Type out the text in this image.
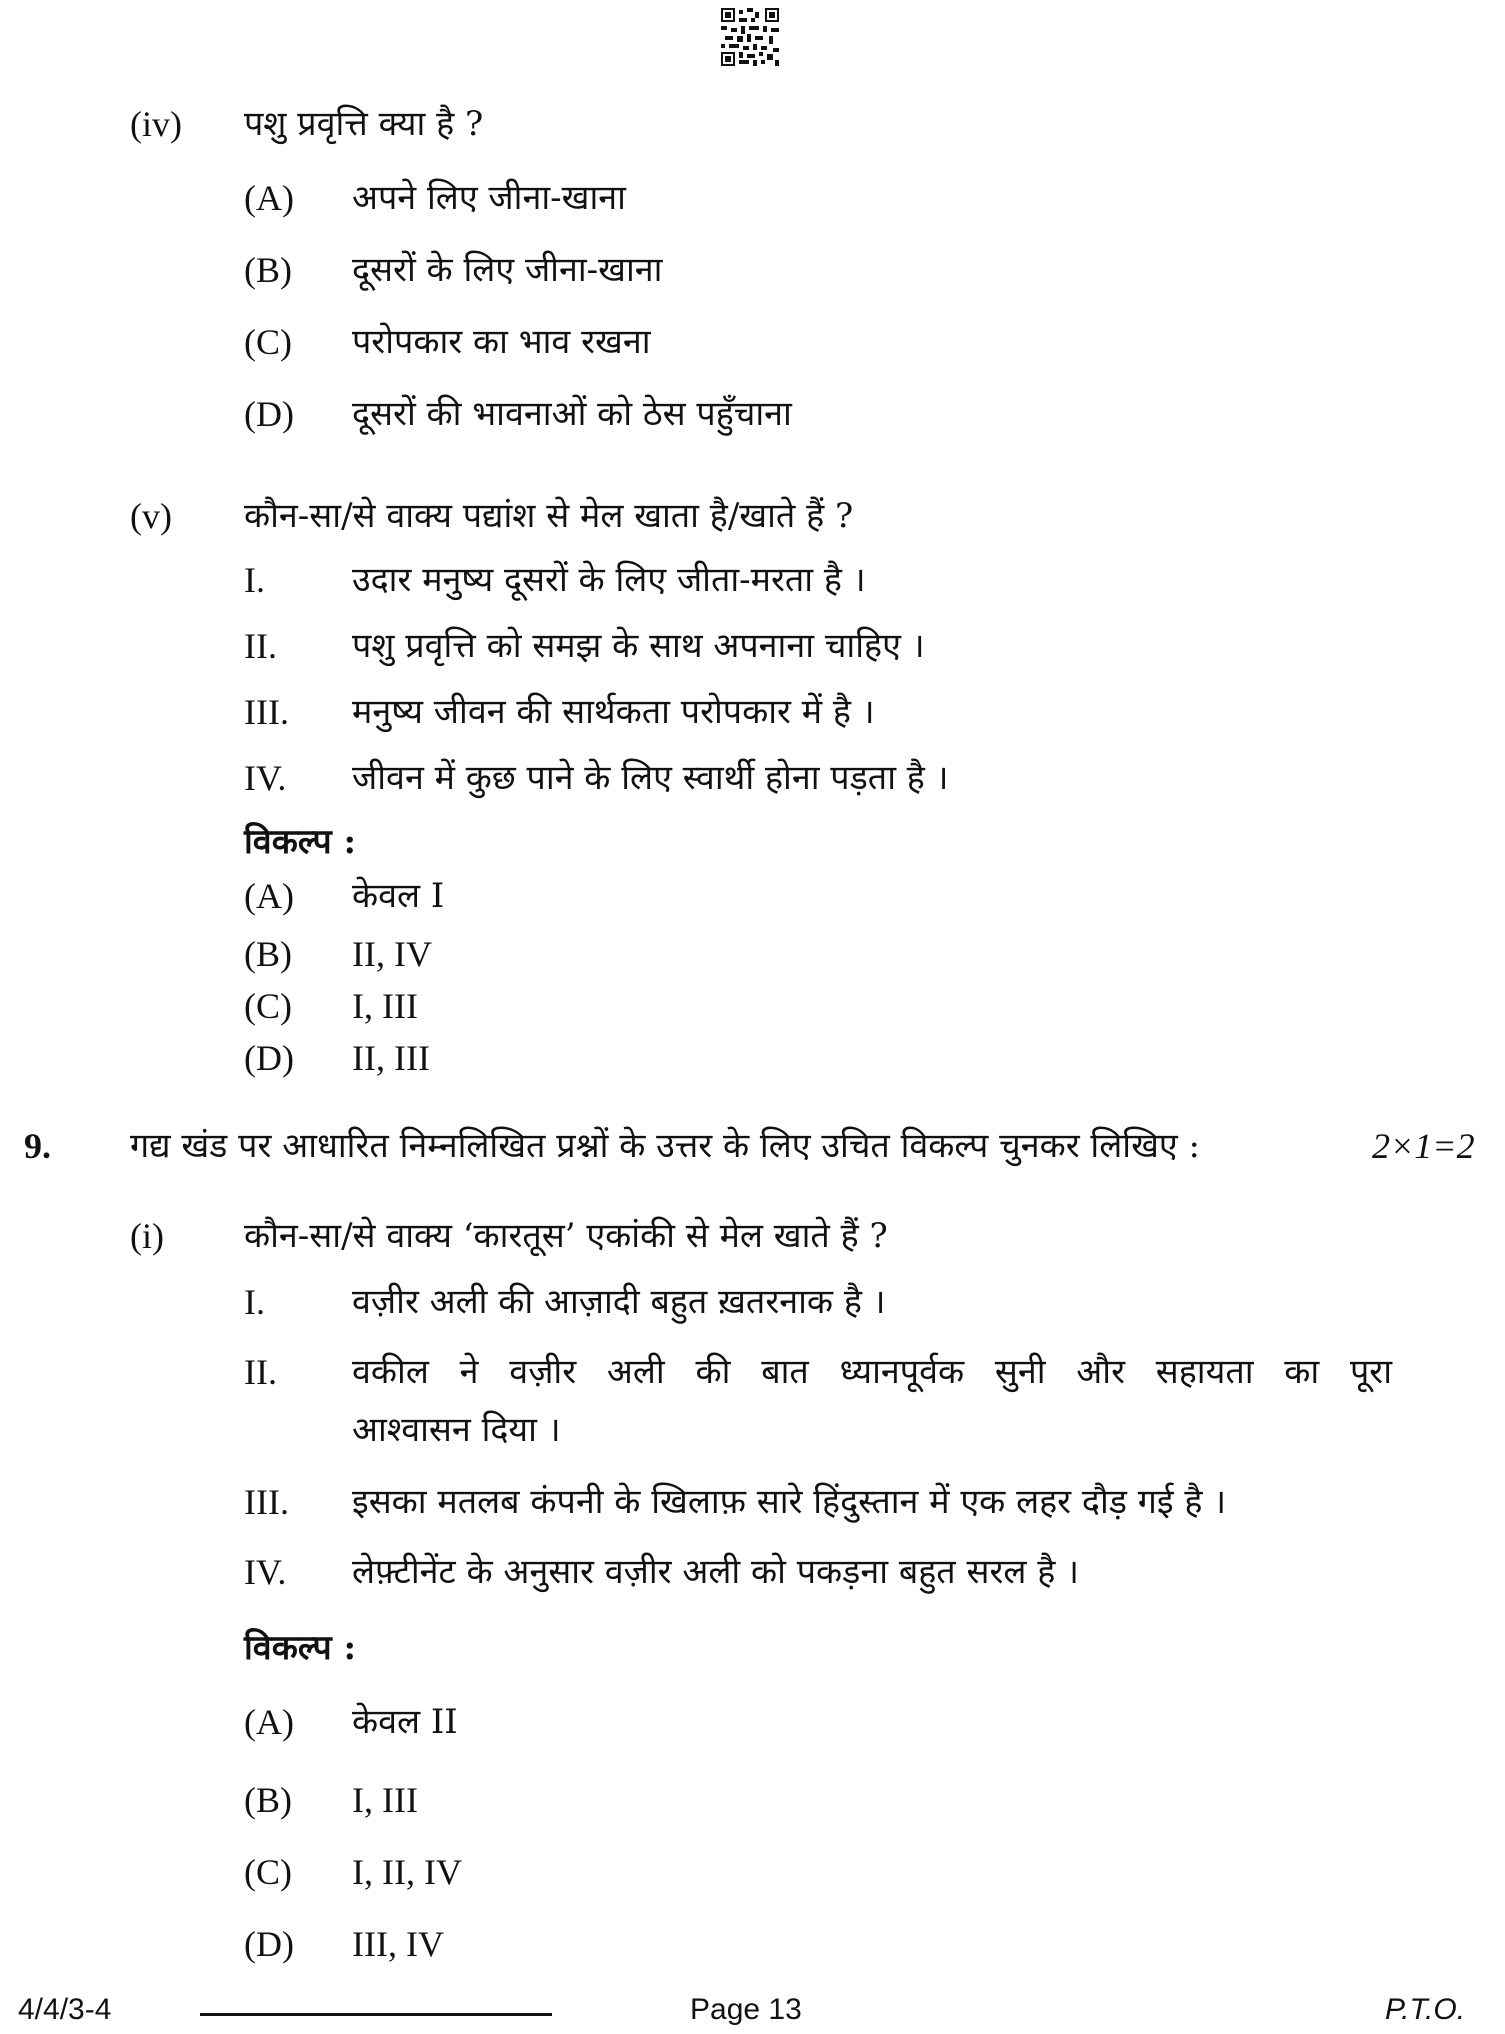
(iv) पशु प्रवृत्ति क्या है ?
(A) अपने लिए जीना-खाना
(B) दूसरों के लिए जीना-खाना
(C) परोपकार का भाव रखना
(D) दूसरों की भावनाओं को ठेस पहुँचाना
(v) कौन-सा/से वाक्य पद्यांश से मेल खाता है/खाते हैं ?
I.	उदार मनुष्य दूसरों के लिए जीता-मरता है ।
II. पशु प्रवृत्ति को समझ के साथ अपनाना चाहिए ।
III. मनुष्य जीवन की सार्थकता परोपकार में है ।
IV. जीवन में कुछ पाने के लिए स्वार्थी होना पड़ता है ।
विकल्प :
(A) केवल I
(B) II, IV
(C) I, III
(D) II, III
9. गद्य खंड पर आधारित निम्नलिखित प्रश्नों के उत्तर के लिए उचित विकल्प चुनकर लिखिए :	2×1=2
(i) कौन-सा/से वाक्य ‘कारतूस’ एकांकी से मेल खाते हैं ?
I.	वज़ीर अली की आज़ादी बहुत ख़तरनाक है ।
II. वकील ने वज़ीर अली की बात ध्यानपूर्वक सुनी और सहायता का पूरा
आश्वासन दिया ।
III. इसका मतलब कंपनी के खिलाफ़ सारे हिंदुस्तान में एक लहर दौड़ गई है ।
IV. लेफ़्टीनेंट के अनुसार वज़ीर अली को पकड़ना बहुत सरल है ।
विकल्प :
(A) केवल II
(B) I, III
(C) I, II, IV
(D) III, IV
4/4/3-4	Page 13	P.T.O.
